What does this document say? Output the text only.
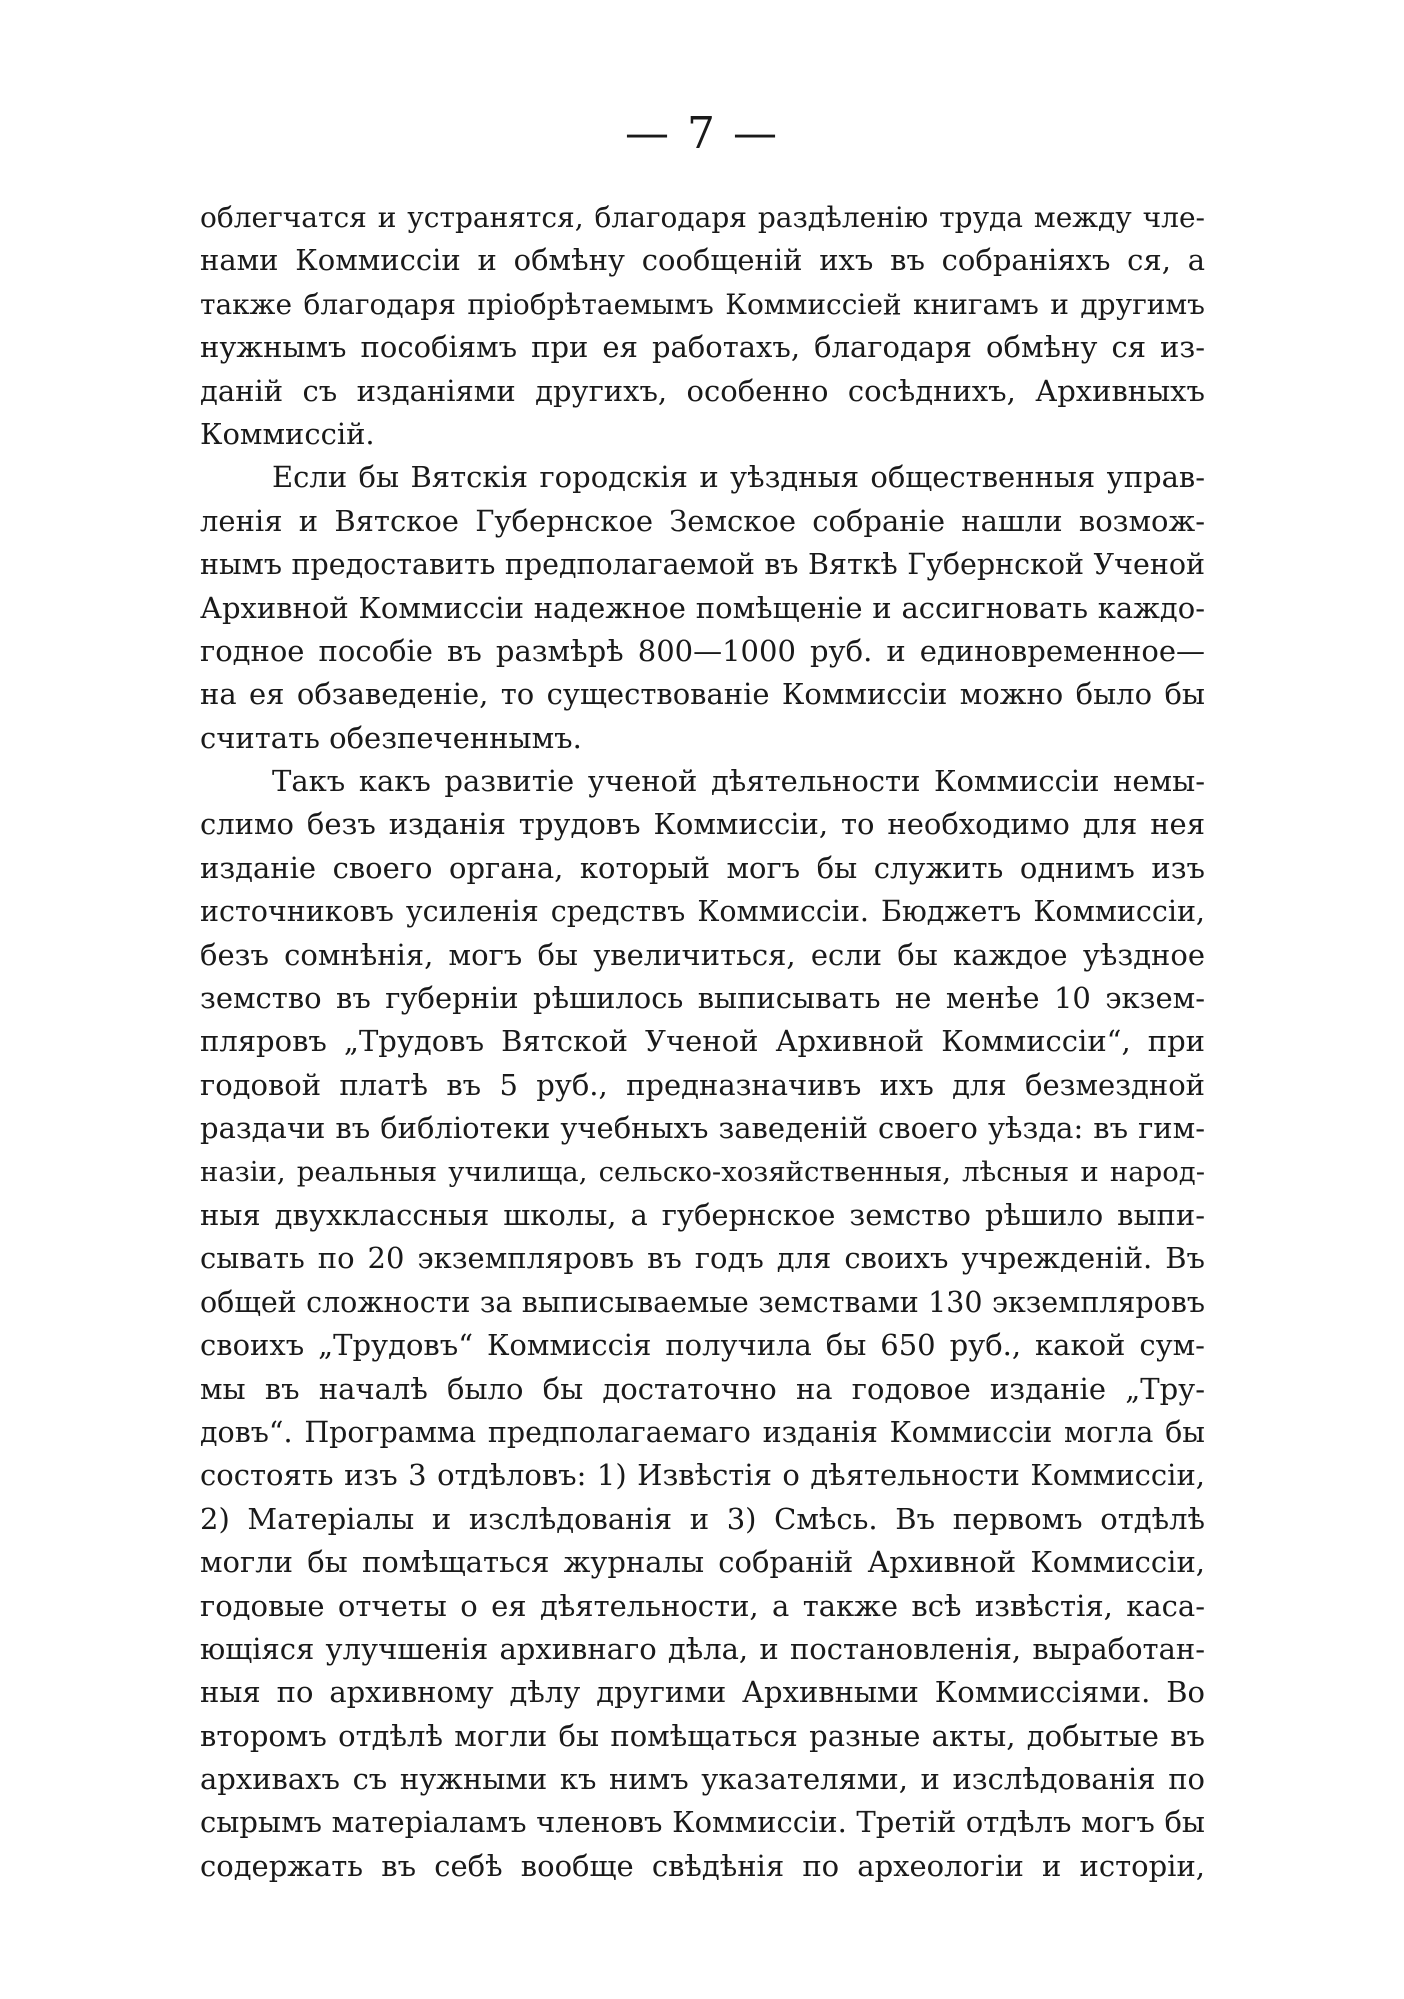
— 7 —
облегчатся и устранятся, благодаря раздѣленію труда между чле-
нами Коммиссіи и обмѣну сообщеній ихъ въ собраніяхъ ся, а
также благодаря пріобрѣтаемымъ Коммиссіей книгамъ и другимъ
нужнымъ пособіямъ при ея работахъ, благодаря обмѣну ся из-
даній съ изданіями другихъ, особенно сосѣднихъ, Архивныхъ
Коммиссій.
Если бы Вятскія городскія и уѣздныя общественныя управ-
ленія и Вятское Губернское Земское собраніе нашли возмож-
нымъ предоставить предполагаемой въ Вяткѣ Губернской Ученой
Архивной Коммиссіи надежное помѣщеніе и ассигновать каждо-
годное пособіе въ размѣрѣ 800—1000 руб. и единовременное—
на ея обзаведеніе, то существованіе Коммиссіи можно было бы
считать обезпеченнымъ.
Такъ какъ развитіе ученой дѣятельности Коммиссіи немы-
слимо безъ изданія трудовъ Коммиссіи, то необходимо для нея
изданіе своего органа, который могъ бы служить однимъ изъ
источниковъ усиленія средствъ Коммиссіи. Бюджетъ Коммиссіи,
безъ сомнѣнія, могъ бы увеличиться, если бы каждое уѣздное
земство въ губерніи рѣшилось выписывать не менѣе 10 экзем-
пляровъ „Трудовъ Вятской Ученой Архивной Коммиссіи“, при
годовой платѣ въ 5 руб., предназначивъ ихъ для безмездной
раздачи въ библіотеки учебныхъ заведеній своего уѣзда: въ гим-
назіи, реальныя училища, сельско-хозяйственныя, лѣсныя и народ-
ныя двухклассныя школы, а губернское земство рѣшило выпи-
сывать по 20 экземпляровъ въ годъ для своихъ учрежденій. Въ
общей сложности за выписываемые земствами 130 экземпляровъ
своихъ „Трудовъ“ Коммиссія получила бы 650 руб., какой сум-
мы въ началѣ было бы достаточно на годовое изданіе „Тру-
довъ“. Программа предполагаемаго изданія Коммиссіи могла бы
состоять изъ 3 отдѣловъ: 1) Извѣстія о дѣятельности Коммиссіи,
2) Матеріалы и изслѣдованія и 3) Смѣсь. Въ первомъ отдѣлѣ
могли бы помѣщаться журналы собраній Архивной Коммиссіи,
годовые отчеты о ея дѣятельности, а также всѣ извѣстія, каса-
ющіяся улучшенія архивнаго дѣла, и постановленія, выработан-
ныя по архивному дѣлу другими Архивными Коммиссіями. Во
второмъ отдѣлѣ могли бы помѣщаться разные акты, добытые въ
архивахъ съ нужными къ нимъ указателями, и изслѣдованія по
сырымъ матеріаламъ членовъ Коммиссіи. Третій отдѣлъ могъ бы
содержать въ себѣ вообще свѣдѣнія по археологіи и исторіи,
